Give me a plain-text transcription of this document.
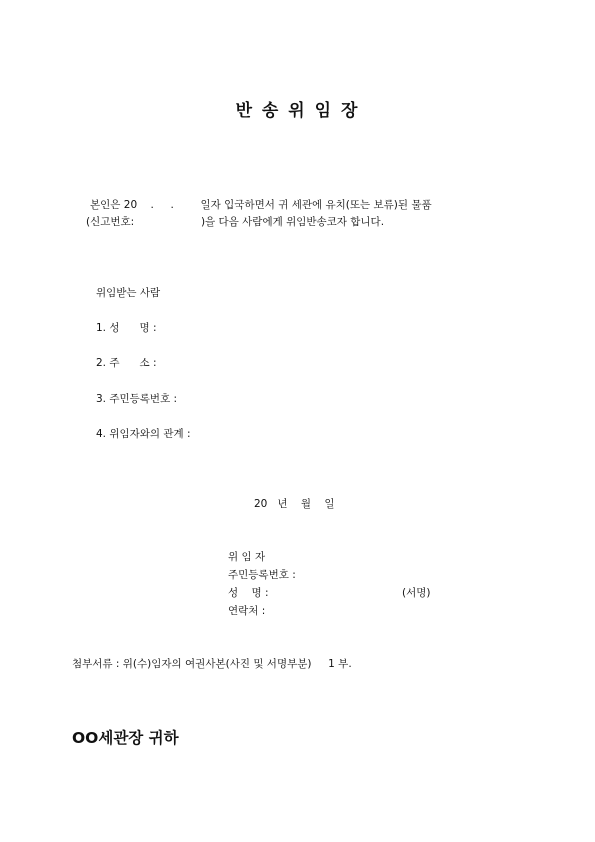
반 송 위 임 장
본인은 20    .     .        일자 입국하면서 귀 세관에 유치(또는 보류)된 물품
(신고번호:                    )을 다음 사람에게 위임반송코자 합니다.
위임받는 사람
1. 성      명 :
2. 주      소 :
3. 주민등록번호 :
4. 위임자와의 관계 :
20   년    월    일
위 임 자
주민등록번호 :
성    명 :	(서명)
연락처 :
첨부서류 : 위(수)임자의 여권사본(사진 및 서명부분)     1 부.
OO세관장 귀하
